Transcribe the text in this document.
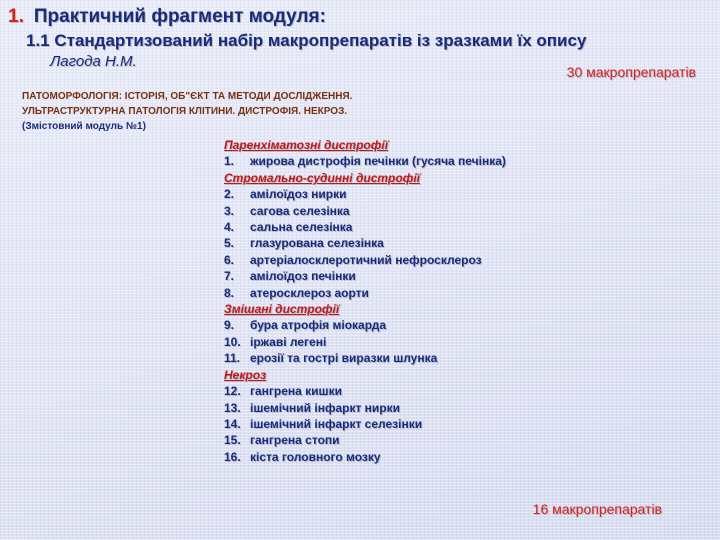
1. Практичний фрагмент модуля:
1.1 Стандартизований набір макропрепаратів із зразками їх опису
Лагода Н.М.
30 макропрепаратів
ПАТОМОРФОЛОГІЯ: ІСТОРІЯ, ОБ"ЄКТ ТА МЕТОДИ ДОСЛІДЖЕННЯ.
УЛЬТРАСТРУКТУРНА ПАТОЛОГІЯ КЛІТИНИ. ДИСТРОФІЯ. НЕКРОЗ.
(Змістовний модуль №1)
Паренхіматозні дистрофії
1.	жирова дистрофія печінки (гусяча печінка)
Стромально-судинні дистрофії
2.	амілоїдоз нирки
3.	сагова селезінка
4.	сальна селезінка
5.	глазурована селезінка
6.	артеріалосклеротичний нефросклероз
7.	амілоїдоз печінки
8.	атеросклероз аорти
Змішані дистрофії
9.	бура атрофія міокарда
10. іржаві легені
11. ерозії та гострі виразки шлунка
Некроз
12. гангрена кишки
13. ішемічний інфаркт нирки
14. ішемічний інфаркт селезінки
15. гангрена стопи
16. кіста головного мозку
16 макропрепаратів
